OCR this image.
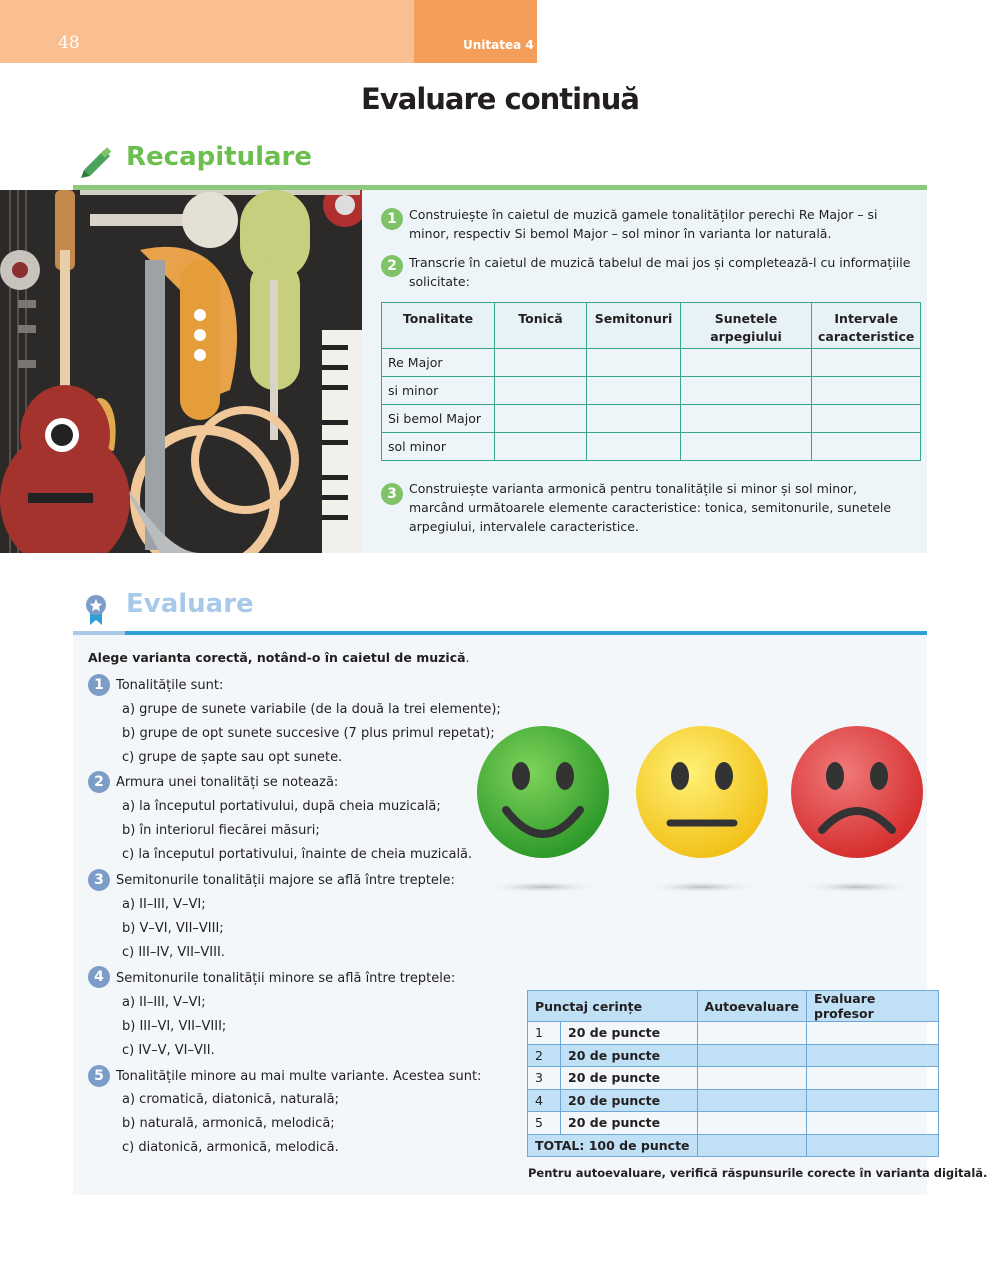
48	Unitatea 4
Evaluare continuă
Recapitulare
1 Construiește în caietul de muzică gamele tonalităților perechi Re Major – si minor, respectiv Si bemol Major – sol minor în varianta lor naturală.
2 Transcrie în caietul de muzică tabelul de mai jos și completează-l cu informațiile solicitate:
Tonalitate	Tonică	Semitonuri	Sunetele arpegiului	Intervale caracteristice
Re Major				
si minor				
Si bemol Major				
sol minor				
3 Construiește varianta armonică pentru tonalitățile si minor și sol minor, marcând următoarele elemente caracteristice: tonica, semitonurile, sunetele arpegiului, intervalele caracteristice.
Evaluare
Alege varianta corectă, notând-o în caietul de muzică.
1 Tonalitățile sunt:
a) grupe de sunete variabile (de la două la trei elemente);
b) grupe de opt sunete succesive (7 plus primul repetat);
c) grupe de șapte sau opt sunete.
2 Armura unei tonalități se notează:
a) la începutul portativului, după cheia muzicală;
b) în interiorul fiecărei măsuri;
c) la începutul portativului, înainte de cheia muzicală.
3 Semitonurile tonalității majore se află între treptele:
a) II–III, V–VI;
b) V–VI, VII–VIII;
c) III–IV, VII–VIII.
4 Semitonurile tonalității minore se află între treptele:
a) II–III, V–VI;
b) III–VI, VII–VIII;
c) IV–V, VI–VII.
5 Tonalitățile minore au mai multe variante. Acestea sunt:
a) cromatică, diatonică, naturală;
b) naturală, armonică, melodică;
c) diatonică, armonică, melodică.
Punctaj cerințe		Autoevaluare	Evaluare profesor
1	20 de puncte		
2	20 de puncte		
3	20 de puncte		
4	20 de puncte		
5	20 de puncte		
TOTAL: 100 de puncte			
Pentru autoevaluare, verifică răspunsurile corecte în varianta digitală.
